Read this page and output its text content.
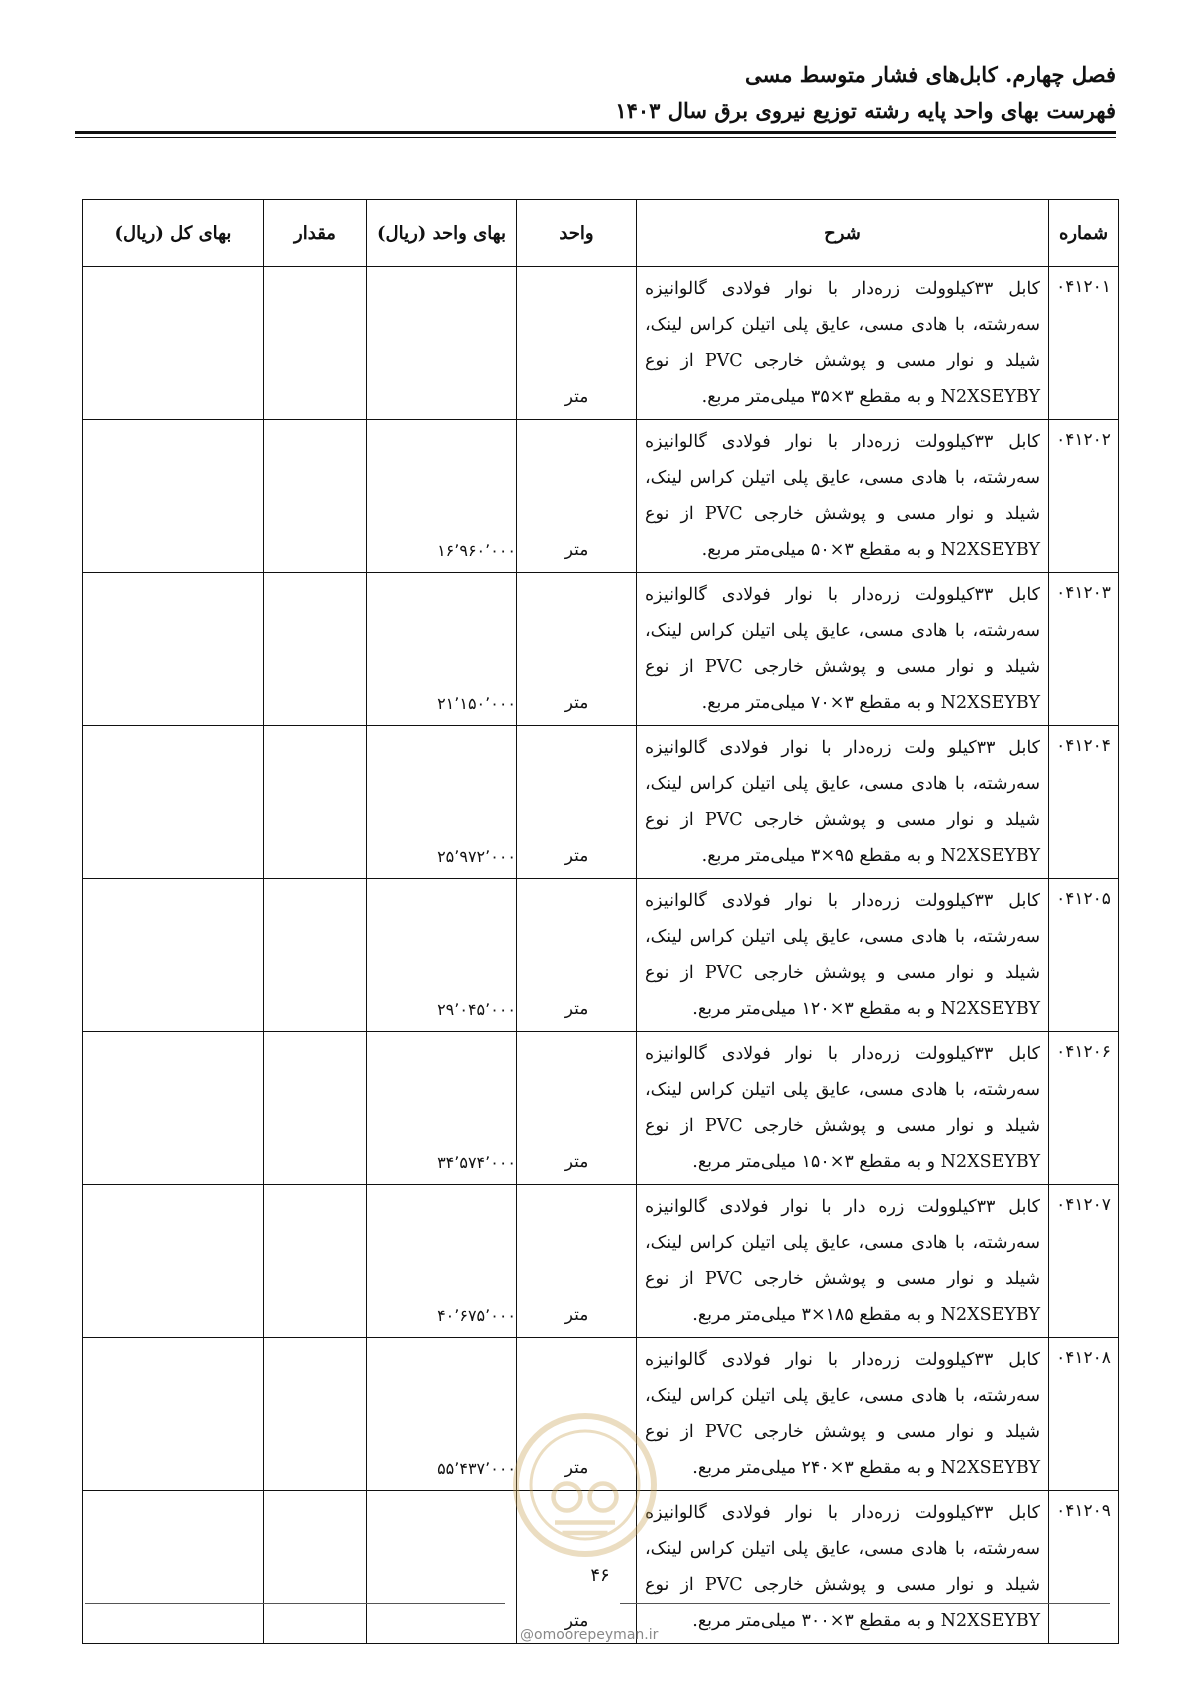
فصل چهارم. کابل‌های فشار متوسط مسی
فهرست بهای واحد پایه رشته توزیع نیروی برق سال ۱۴۰۳
شماره	شرح	واحد	بهای واحد (ریال)	مقدار	بهای کل (ریال)
۰۴۱۲۰۱	کابل ۳۳کیلوولت زره‌دار با نوار فولادی گالوانیزه سه‌رشته، با هادی مسی، عایق پلی اتیلن کراس لینک، شیلد و نوار مسی و پوشش خارجی PVC از نوع N2XSEYBY و به مقطع ۳×۳۵ میلی‌متر مربع.	متر			
۰۴۱۲۰۲	کابل ۳۳کیلوولت زره‌دار با نوار فولادی گالوانیزه سه‌رشته، با هادی مسی، عایق پلی اتیلن کراس لینک، شیلد و نوار مسی و پوشش خارجی PVC از نوع N2XSEYBY و به مقطع ۳×۵۰ میلی‌متر مربع.	متر	۱۶٬۹۶۰٬۰۰۰		
۰۴۱۲۰۳	کابل ۳۳کیلوولت زره‌دار با نوار فولادی گالوانیزه سه‌رشته، با هادی مسی، عایق پلی اتیلن کراس لینک، شیلد و نوار مسی و پوشش خارجی PVC از نوع N2XSEYBY و به مقطع ۳×۷۰ میلی‌متر مربع.	متر	۲۱٬۱۵۰٬۰۰۰		
۰۴۱۲۰۴	کابل ۳۳کیلو ولت زره‌دار با نوار فولادی گالوانیزه سه‌رشته، با هادی مسی، عایق پلی اتیلن کراس لینک، شیلد و نوار مسی و پوشش خارجی PVC از نوع N2XSEYBY و به مقطع ۹۵×۳ میلی‌متر مربع.	متر	۲۵٬۹۷۲٬۰۰۰		
۰۴۱۲۰۵	کابل ۳۳کیلوولت زره‌دار با نوار فولادی گالوانیزه سه‌رشته، با هادی مسی، عایق پلی اتیلن کراس لینک، شیلد و نوار مسی و پوشش خارجی PVC از نوع N2XSEYBY و به مقطع ۳×۱۲۰ میلی‌متر مربع.	متر	۲۹٬۰۴۵٬۰۰۰		
۰۴۱۲۰۶	کابل ۳۳کیلوولت زره‌دار با نوار فولادی گالوانیزه سه‌رشته، با هادی مسی، عایق پلی اتیلن کراس لینک، شیلد و نوار مسی و پوشش خارجی PVC از نوع N2XSEYBY و به مقطع ۳×۱۵۰ میلی‌متر مربع.	متر	۳۴٬۵۷۴٬۰۰۰		
۰۴۱۲۰۷	کابل ۳۳کیلوولت زره دار با نوار فولادی گالوانیزه سه‌رشته، با هادی مسی، عایق پلی اتیلن کراس لینک، شیلد و نوار مسی و پوشش خارجی PVC از نوع N2XSEYBY و به مقطع ۱۸۵×۳ میلی‌متر مربع.	متر	۴۰٬۶۷۵٬۰۰۰		
۰۴۱۲۰۸	کابل ۳۳کیلوولت زره‌دار با نوار فولادی گالوانیزه سه‌رشته، با هادی مسی، عایق پلی اتیلن کراس لینک، شیلد و نوار مسی و پوشش خارجی PVC از نوع N2XSEYBY و به مقطع ۳×۲۴۰ میلی‌متر مربع.	متر	۵۵٬۴۳۷٬۰۰۰		
۰۴۱۲۰۹	کابل ۳۳کیلوولت زره‌دار با نوار فولادی گالوانیزه سه‌رشته، با هادی مسی، عایق پلی اتیلن کراس لینک، شیلد و نوار مسی و پوشش خارجی PVC از نوع N2XSEYBY و به مقطع ۳×۳۰۰ میلی‌متر مربع.	متر			
۴۶
@omoorepeyman.ir
